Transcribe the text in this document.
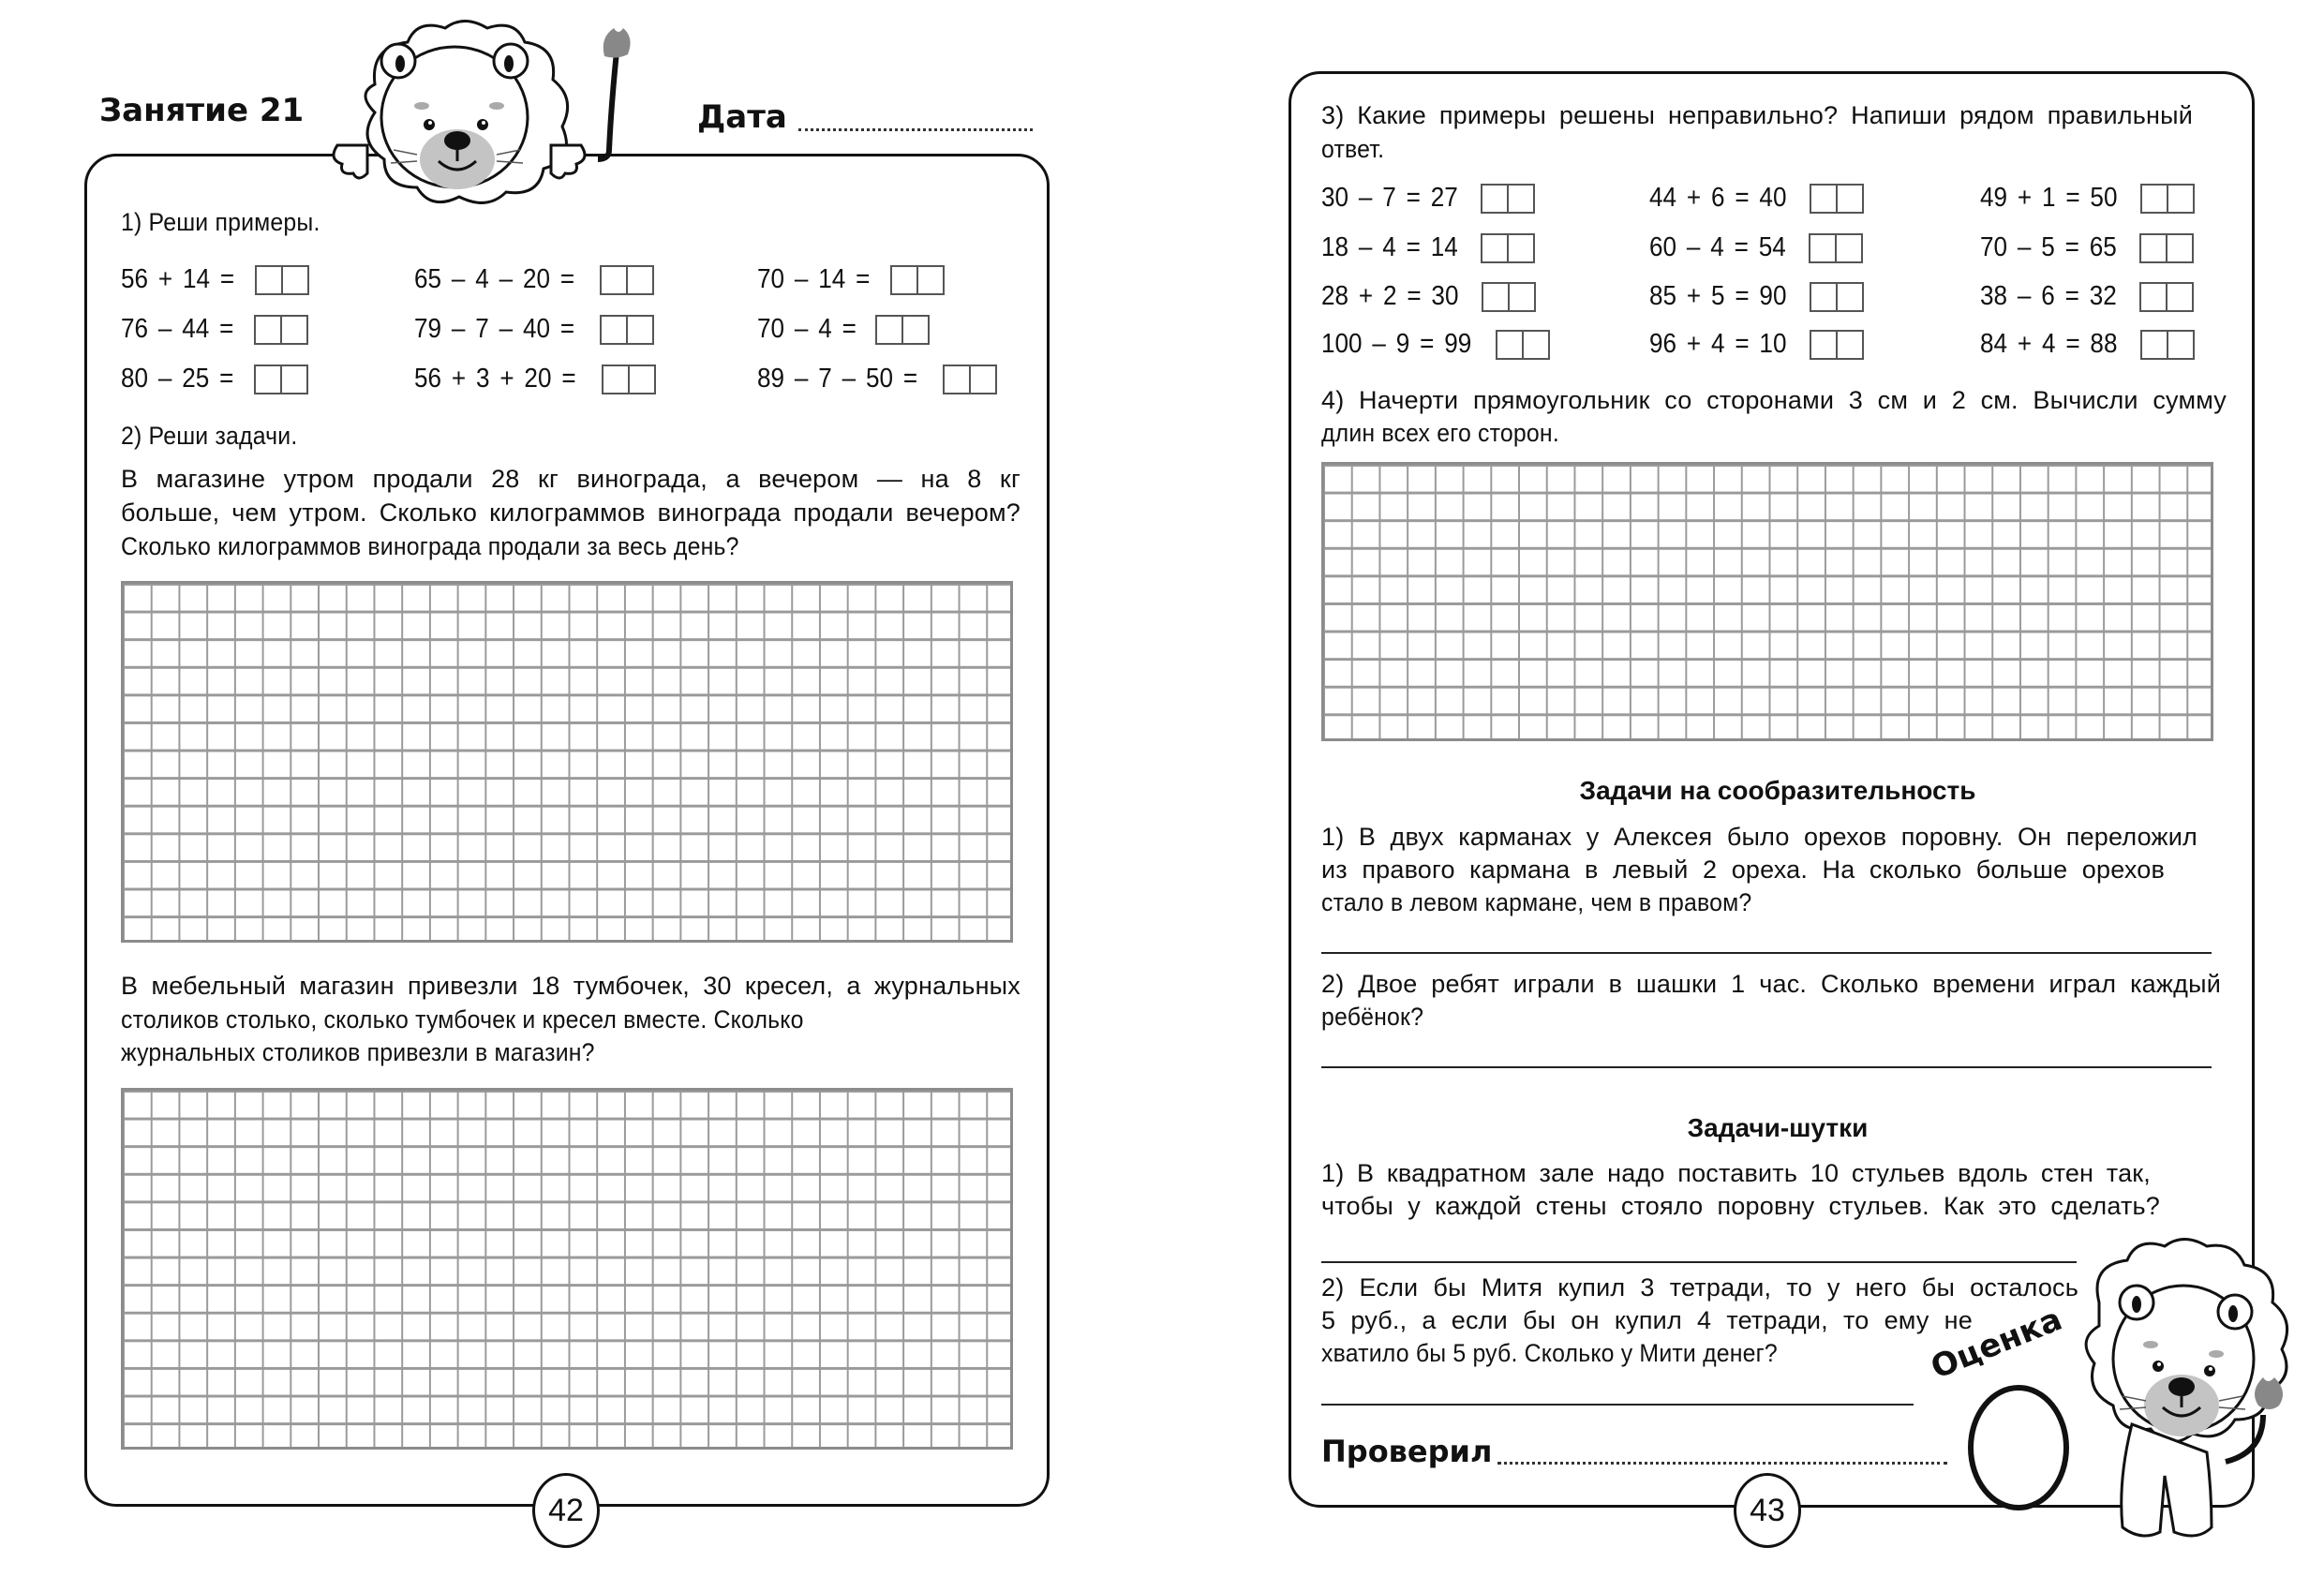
Занятие 21	Дата
1) Реши примеры.
56 + 14 =	65 – 4 – 20 =	70 – 14 =
76 – 44 =	79 – 7 – 40 =	70 – 4 =
80 – 25 =	56 + 3 + 20 =	89 – 7 – 50 =
2) Реши задачи.
В магазине утром продали 28 кг винограда, а вечером — на 8 кг
больше, чем утром. Сколько килограммов винограда продали вечером?
Сколько килограммов винограда продали за весь день?
В мебельный магазин привезли 18 тумбочек, 30 кресел, а журнальных
столиков столько, сколько тумбочек и кресел вместе. Сколько
журнальных столиков привезли в магазин?
42
3) Какие примеры решены неправильно? Напиши рядом правильный
ответ.
30 – 7 = 27	44 + 6 = 40	49 + 1 = 50
18 – 4 = 14	60 – 4 = 54	70 – 5 = 65
28 + 2 = 30	85 + 5 = 90	38 – 6 = 32
100 – 9 = 99	96 + 4 = 10	84 + 4 = 88
4) Начерти прямоугольник со сторонами 3 см и 2 см. Вычисли сумму
длин всех его сторон.
Задачи на сообразительность
1) В двух карманах у Алексея было орехов поровну. Он переложил
из правого кармана в левый 2 ореха. На сколько больше орехов
стало в левом кармане, чем в правом?
2) Двое ребят играли в шашки 1 час. Сколько времени играл каждый
ребёнок?
Задачи-шутки
1) В квадратном зале надо поставить 10 стульев вдоль стен так,
чтобы у каждой стены стояло поровну стульев. Как это сделать?
2) Если бы Митя купил 3 тетради, то у него бы осталось
5 руб., а если бы он купил 4 тетради, то ему не
хватило бы 5 руб. Сколько у Мити денег?
Проверил
Оценка
43
